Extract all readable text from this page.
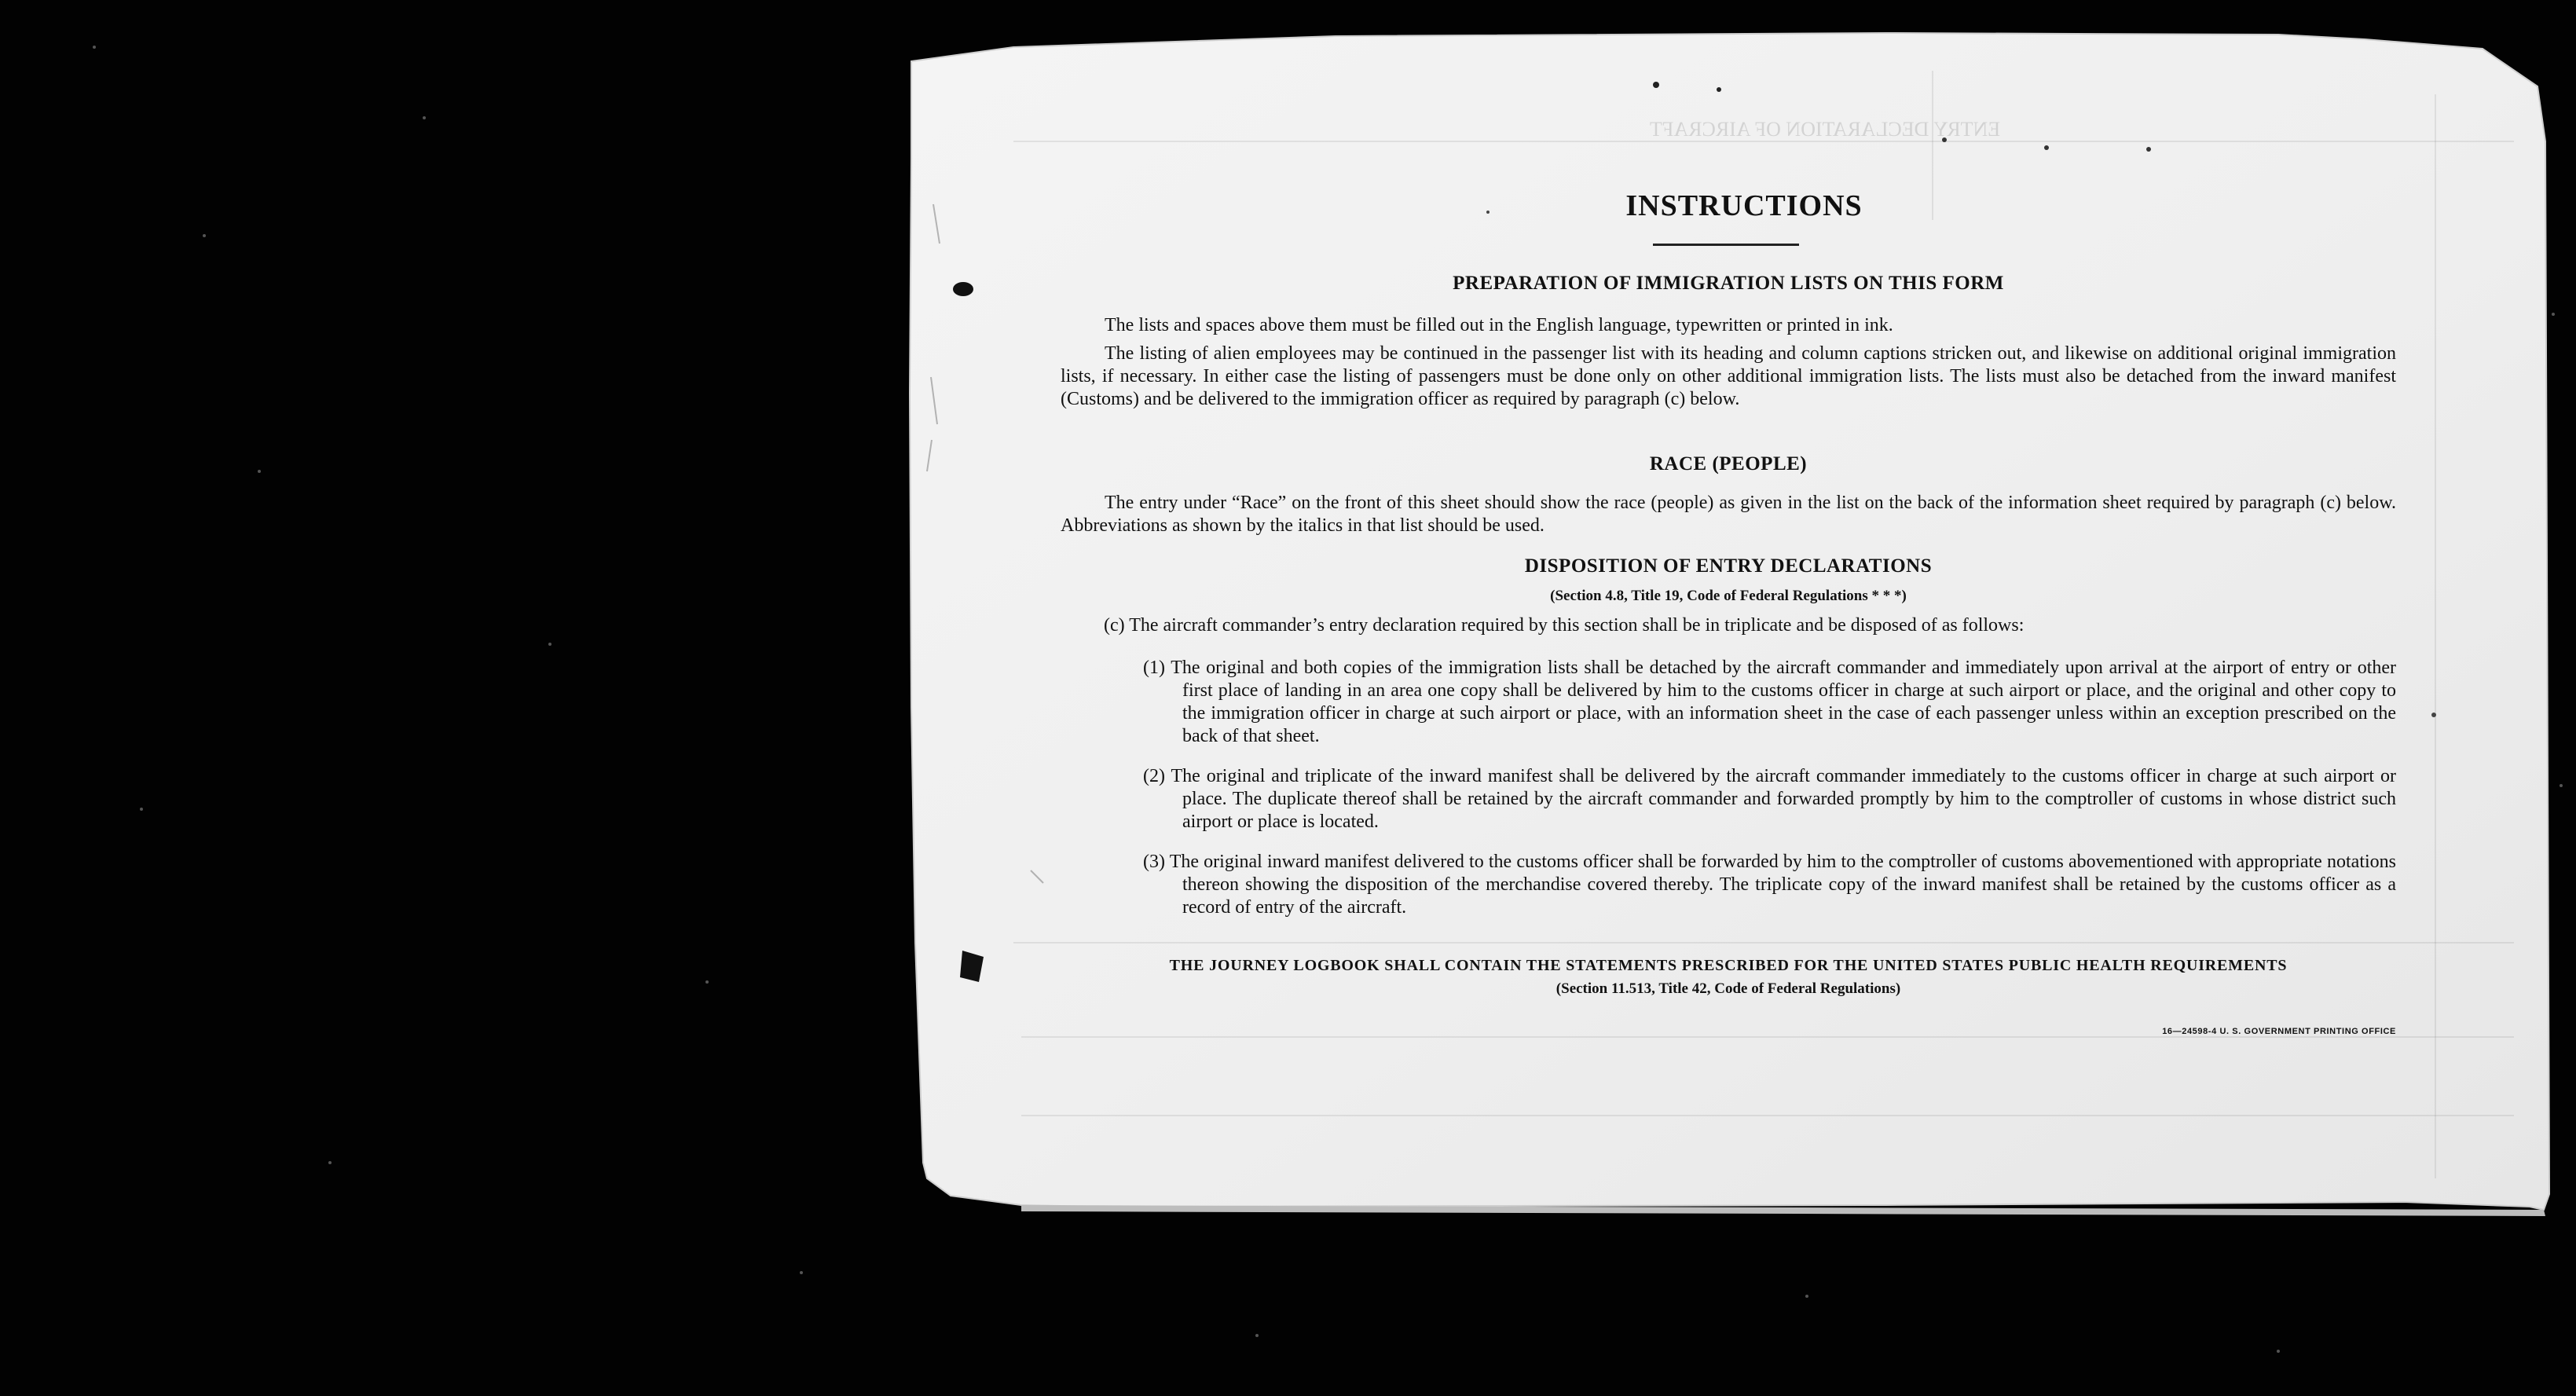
ENTRY DECLARATION OF AIRCRAFT
INSTRUCTIONS
PREPARATION OF IMMIGRATION LISTS ON THIS FORM
The lists and spaces above them must be filled out in the English language, typewritten or printed in ink.
The listing of alien employees may be continued in the passenger list with its heading and column captions stricken out, and likewise on additional original immigration lists, if necessary. In either case the listing of passengers must be done only on other additional immigration lists. The lists must also be detached from the inward manifest (Customs) and be delivered to the immigration officer as required by paragraph (c) below.
RACE (PEOPLE)
The entry under “Race” on the front of this sheet should show the race (people) as given in the list on the back of the information sheet required by paragraph (c) below. Abbreviations as shown by the italics in that list should be used.
DISPOSITION OF ENTRY DECLARATIONS
(Section 4.8, Title 19, Code of Federal Regulations * * *)
(c) The aircraft commander’s entry declaration required by this section shall be in triplicate and be disposed of as follows:
(1) The original and both copies of the immigration lists shall be detached by the aircraft commander and immediately upon arrival at the airport of entry or other first place of landing in an area one copy shall be delivered by him to the customs officer in charge at such airport or place, and the original and other copy to the immigration officer in charge at such airport or place, with an information sheet in the case of each passenger unless within an exception prescribed on the back of that sheet.
(2) The original and triplicate of the inward manifest shall be delivered by the aircraft commander immediately to the customs officer in charge at such airport or place. The duplicate thereof shall be retained by the aircraft commander and forwarded promptly by him to the comptroller of customs in whose district such airport or place is located.
(3) The original inward manifest delivered to the customs officer shall be forwarded by him to the comptroller of customs abovementioned with appropriate notations thereon showing the disposition of the merchandise covered thereby. The triplicate copy of the inward manifest shall be retained by the customs officer as a record of entry of the aircraft.
THE JOURNEY LOGBOOK SHALL CONTAIN THE STATEMENTS PRESCRIBED FOR THE UNITED STATES PUBLIC HEALTH REQUIREMENTS
(Section 11.513, Title 42, Code of Federal Regulations)
16—24598-4 U. S. GOVERNMENT PRINTING OFFICE
